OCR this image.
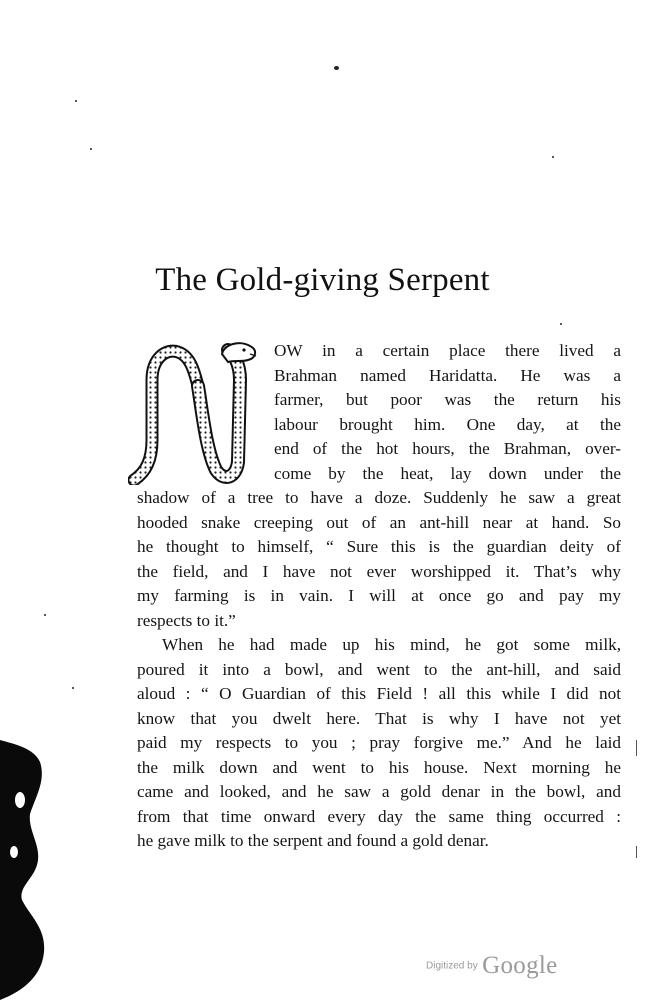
The Gold-giving Serpent
OW in a certain place there lived a
Brahman named Haridatta. He was a
farmer, but poor was the return his
labour brought him. One day, at the
end of the hot hours, the Brahman, over-
come by the heat, lay down under the
shadow of a tree to have a doze. Suddenly he saw a great
hooded snake creeping out of an ant-hill near at hand. So
he thought to himself, “ Sure this is the guardian deity of
the field, and I have not ever worshipped it. That’s why
my farming is in vain. I will at once go and pay my
respects to it.”
When he had made up his mind, he got some milk,
poured it into a bowl, and went to the ant-hill, and said
aloud : “ O Guardian of this Field ! all this while I did not
know that you dwelt here. That is why I have not yet
paid my respects to you ; pray forgive me.” And he laid
the milk down and went to his house. Next morning he
came and looked, and he saw a gold denar in the bowl, and
from that time onward every day the same thing occurred :
he gave milk to the serpent and found a gold denar.
Digitized by Google
